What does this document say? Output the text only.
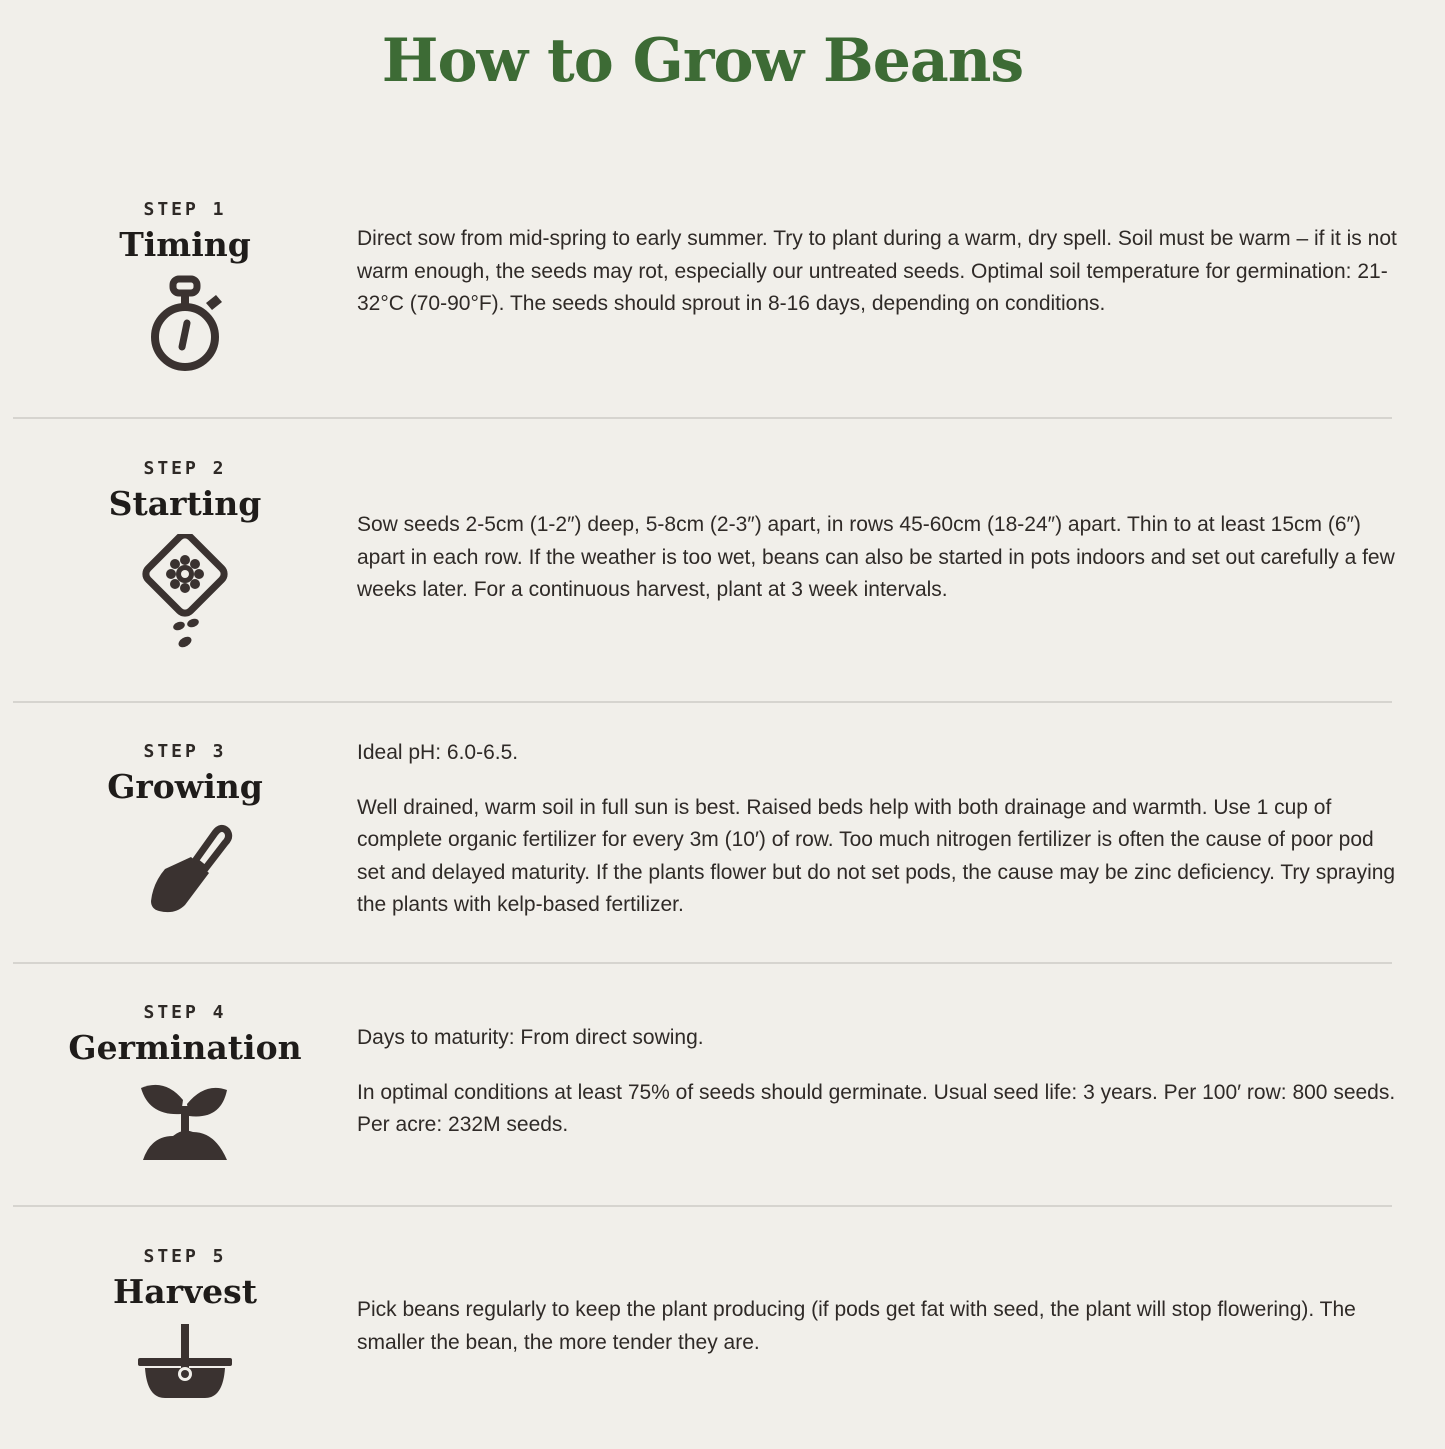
How to Grow Beans
STEP 1
Timing	Direct sow from mid-spring to early summer. Try to plant during a warm, dry spell. Soil must be warm – if it is not warm enough, the seeds may rot, especially our untreated seeds. Optimal soil temperature for germination: 21-32°C (70-90°F). The seeds should sprout in 8-16 days, depending on conditions.

STEP 2
Starting

Sow seeds 2-5cm (1-2″) deep, 5-8cm (2-3″) apart, in rows 45-60cm (18-24″) apart. Thin to at least 15cm (6″) apart in each row. If the weather is too wet, beans can also be started in pots indoors and set out carefully a few weeks later. For a continuous harvest, plant at 3 week intervals.

STEP 3
Growing

Ideal pH: 6.0-6.5.

Well drained, warm soil in full sun is best. Raised beds help with both drainage and warmth. Use 1 cup of complete organic fertilizer for every 3m (10′) of row. Too much nitrogen fertilizer is often the cause of poor pod set and delayed maturity. If the plants flower but do not set pods, the cause may be zinc deficiency. Try spraying the plants with kelp-based fertilizer.

STEP 4
Germination	Days to maturity: From direct sowing.

In optimal conditions at least 75% of seeds should germinate. Usual seed life: 3 years. Per 100′ row: 800 seeds. Per acre: 232M seeds.

STEP 5
Harvest	Pick beans regularly to keep the plant producing (if pods get fat with seed, the plant will stop flowering). The smaller the bean, the more tender they are.
